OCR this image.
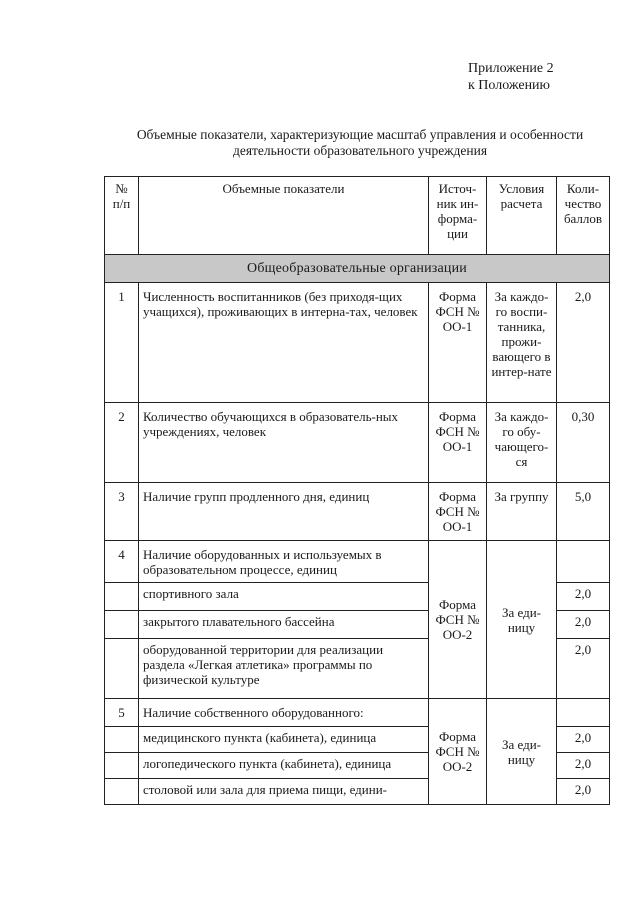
Приложение 2
к Положению
Объемные показатели, характеризующие масштаб управления и особенности
деятельности образовательного учреждения
№ п/п	Объемные показатели	Источ-ник ин-форма-ции	Условия расчета	Коли-чество баллов
Общеобразовательные организации				
1	Численность воспитанников (без приходя-щих учащихся), проживающих в интерна-тах, человек	Форма ФСН № ОО-1	За каждо-го воспи-танника, прожи-вающего в интер-нате	2,0
2	Количество обучающихся в образователь-ных учреждениях, человек	Форма ФСН № ОО-1	За каждо-го обу-чающего-ся	0,30
3	Наличие групп продленного дня, единиц	Форма ФСН № ОО-1	За группу	5,0
4	Наличие оборудованных и используемых в образовательном процессе, единиц	Форма ФСН № ОО-2	За еди-ницу	
	спортивного зала			2,0
	закрытого плавательного бассейна			2,0
	оборудованной территории для реализации раздела «Легкая атлетика» программы по физической культуре			2,0
5	Наличие собственного оборудованного:	Форма ФСН № ОО-2	За еди-ницу	
	медицинского пункта (кабинета), единица			2,0
	логопедического пункта (кабинета), единица			2,0
	столовой или зала для приема пищи, едини-			2,0
